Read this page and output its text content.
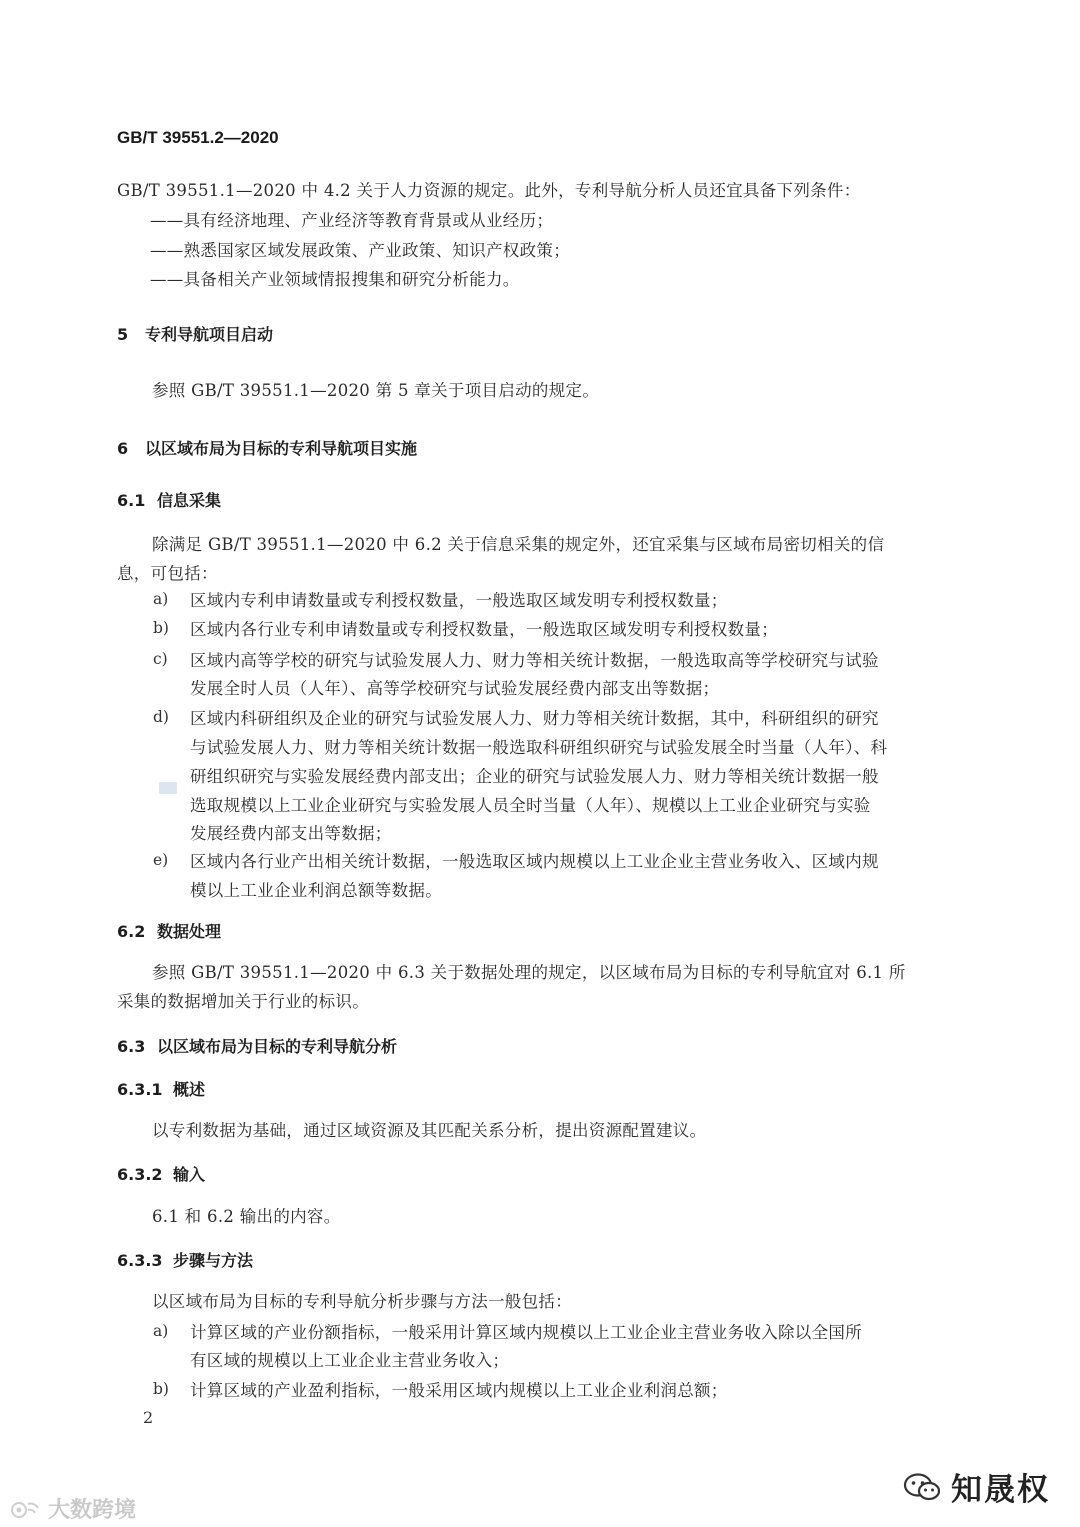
GB/T 39551.2—2020
GB/T 39551.1—2020 中 4.2 关于人力资源的规定。此外，专利导航分析人员还宜具备下列条件：
——具有经济地理、产业经济等教育背景或从业经历；
——熟悉国家区域发展政策、产业政策、知识产权政策；
——具备相关产业领域情报搜集和研究分析能力。
5 专利导航项目启动
参照 GB/T 39551.1—2020 第 5 章关于项目启动的规定。
6 以区域布局为目标的专利导航项目实施
6.1 信息采集
除满足 GB/T 39551.1—2020 中 6.2 关于信息采集的规定外，还宜采集与区域布局密切相关的信
息，可包括：
a) 区域内专利申请数量或专利授权数量，一般选取区域发明专利授权数量；
b) 区域内各行业专利申请数量或专利授权数量，一般选取区域发明专利授权数量；
c) 区域内高等学校的研究与试验发展人力、财力等相关统计数据，一般选取高等学校研究与试验
发展全时人员（人年）、高等学校研究与试验发展经费内部支出等数据；
d) 区域内科研组织及企业的研究与试验发展人力、财力等相关统计数据，其中，科研组织的研究
与试验发展人力、财力等相关统计数据一般选取科研组织研究与试验发展全时当量（人年）、科
研组织研究与实验发展经费内部支出；企业的研究与试验发展人力、财力等相关统计数据一般
选取规模以上工业企业研究与实验发展人员全时当量（人年）、规模以上工业企业研究与实验
发展经费内部支出等数据；
e) 区域内各行业产出相关统计数据，一般选取区域内规模以上工业企业主营业务收入、区域内规
模以上工业企业利润总额等数据。
6.2 数据处理
参照 GB/T 39551.1—2020 中 6.3 关于数据处理的规定，以区域布局为目标的专利导航宜对 6.1 所
采集的数据增加关于行业的标识。
6.3 以区域布局为目标的专利导航分析
6.3.1 概述
以专利数据为基础，通过区域资源及其匹配关系分析，提出资源配置建议。
6.3.2 输入
6.1 和 6.2 输出的内容。
6.3.3 步骤与方法
以区域布局为目标的专利导航分析步骤与方法一般包括：
a) 计算区域的产业份额指标，一般采用计算区域内规模以上工业企业主营业务收入除以全国所
有区域的规模以上工业企业主营业务收入；
b) 计算区域的产业盈利指标，一般采用区域内规模以上工业企业利润总额；
2
知晟权
大数跨境
